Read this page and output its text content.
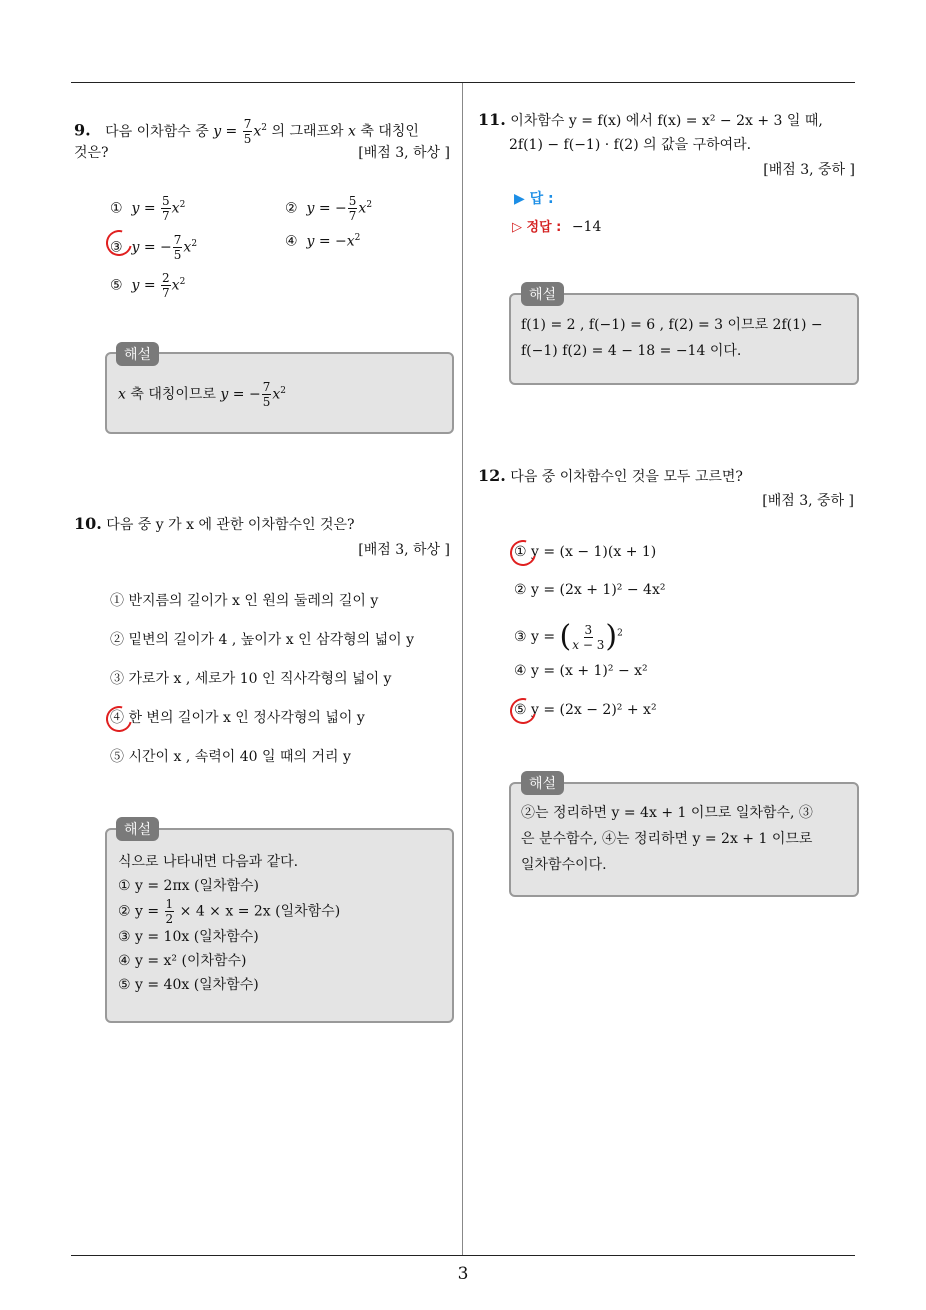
3
9. 다음 이차함수 중 $y = \frac{7}{5} x^2$ 의 그래프와 x 축 대칭인
것은?	[배점 3, 하상 ]
① $y = \frac{5}{7} x^2$	② y = − $\frac{5}{7} x^2$
③ y = − $\frac{7}{5} x^2$	④ $y = -x^2$
⑤ $y = \frac{2}{7} x^2$
해설
x 축 대칭이므로 y = − $\frac{7}{5} x^2$
10. 다음 중 y 가 x 에 관한 이차함수인 것은?
[배점 3, 하상 ]
① 반지름의 길이가 x 인 원의 둘레의 길이 y
② 밑변의 길이가 4 , 높이가 x 인 삼각형의 넓이 y
③ 가로가 x , 세로가 10 인 직사각형의 넓이 y
④ 한 변의 길이가 x 인 정사각형의 넓이 y
⑤ 시간이 x , 속력이 40 일 때의 거리 y
해설
식으로 나타내면 다음과 같다.
① y = 2πx (일차함수)
② $y = \frac{1}{2} \times 4 \times x = 2x$ (일차함수)
③ y = 10x (일차함수)
④ y = x² (이차함수)
⑤ y = 40x (일차함수)
11. 이차함수 y = f(x) 에서 f(x) = x² − 2x + 3 일 때,
2f(1) − f(−1) · f(2) 의 값을 구하여라.
[배점 3, 중하 ]
▶ 답 :
▷ 정답 : −14
해설
f(1) = 2 , f(−1) = 6 , f(2) = 3 이므로 2f(1) −
f(−1) f(2) = 4 − 18 = −14 이다.
12. 다음 중 이차함수인 것을 모두 고르면?
[배점 3, 중하 ]
① y = (x − 1)(x + 1)
② y = (2x + 1)² − 4x²
③ y = ( $\frac{3}{x - 3} )^2$
④ y = (x + 1)² − x²
⑤ y = (2x − 2)² + x²
해설
②는 정리하면 y = 4x + 1 이므로 일차함수, ③
은 분수함수, ④는 정리하면 y = 2x + 1 이므로
일차함수이다.
